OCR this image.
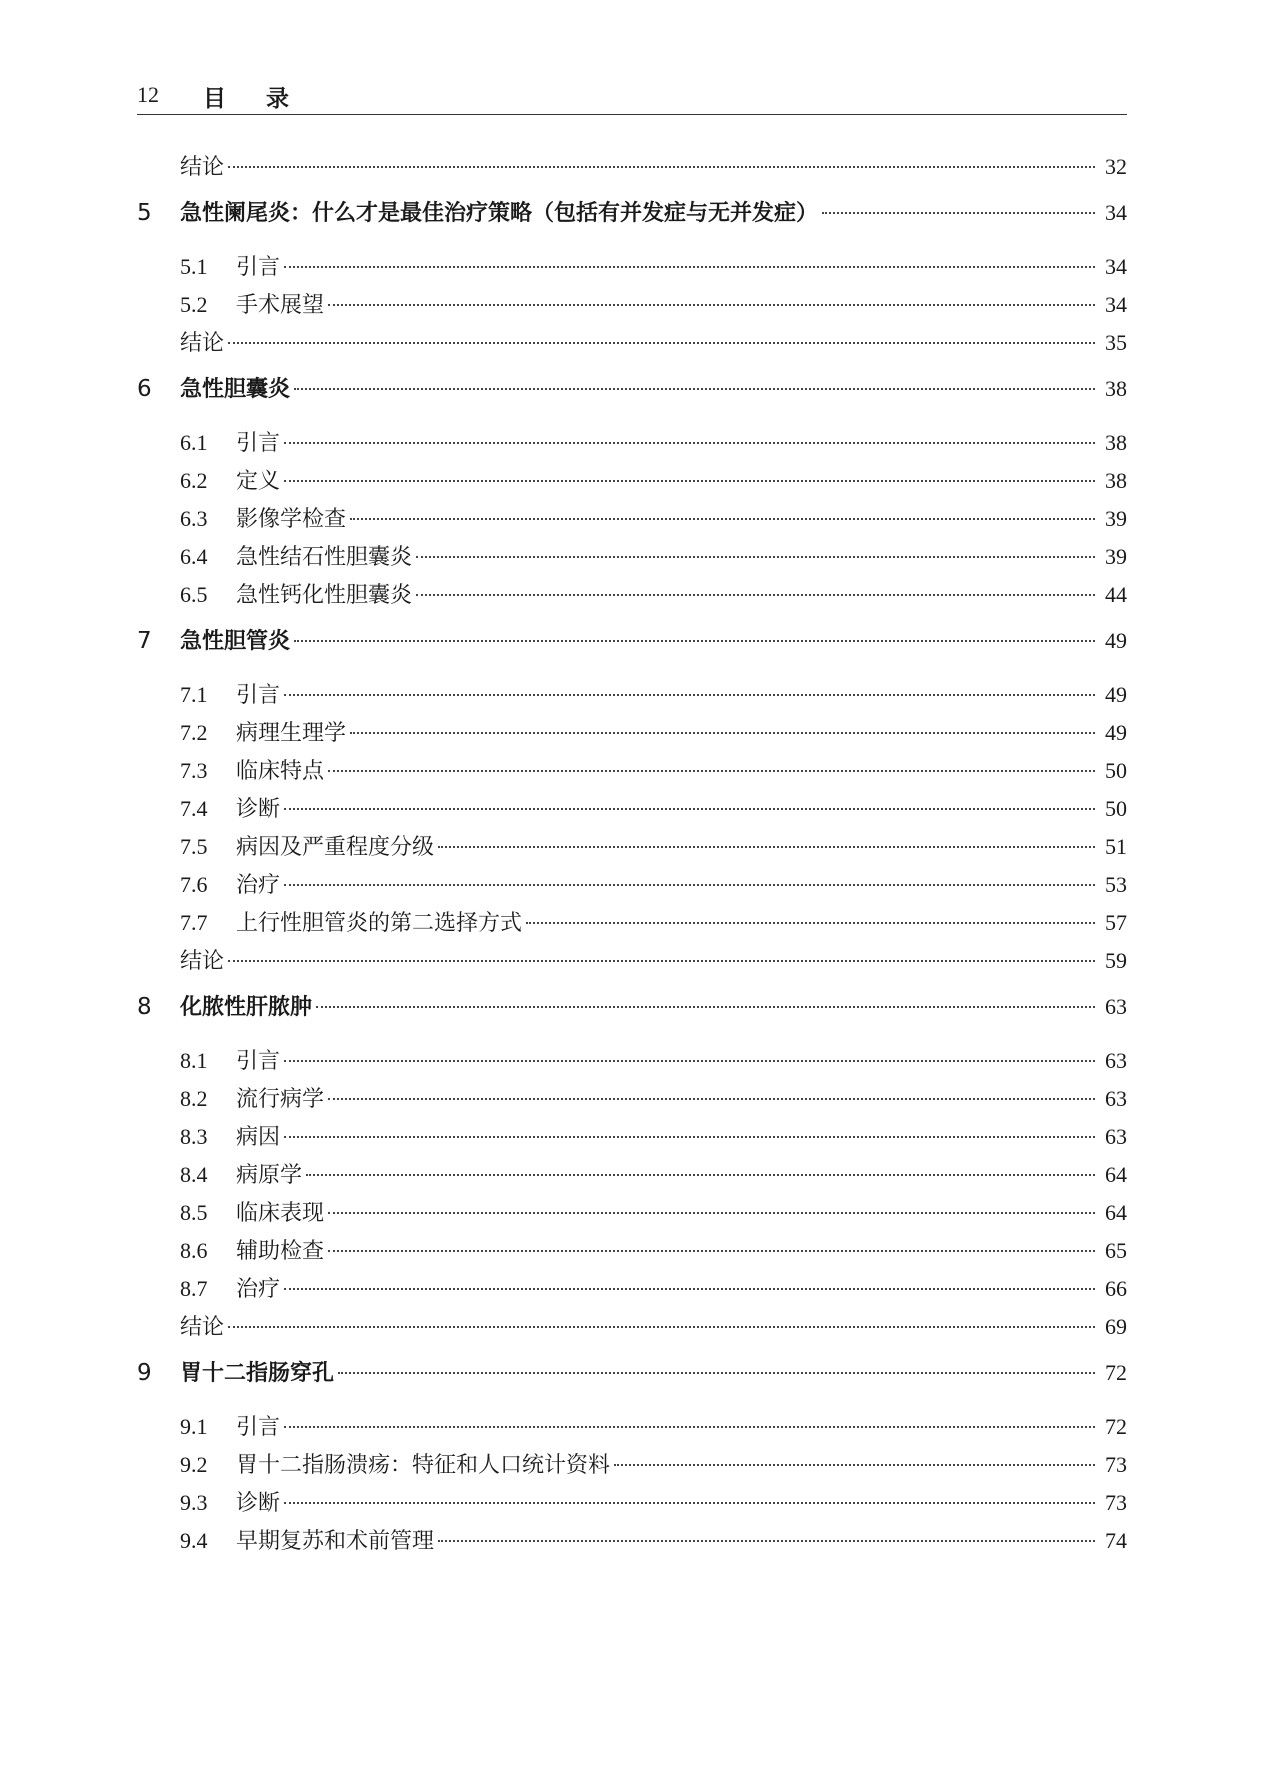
12 目录
结论	32
5	急性阑尾炎：什么才是最佳治疗策略（包括有并发症与无并发症）	34
5.1	引言	34
5.2	手术展望	34
结论	35
6	急性胆囊炎	38
6.1	引言	38
6.2	定义	38
6.3	影像学检查	39
6.4	急性结石性胆囊炎	39
6.5	急性钙化性胆囊炎	44
7	急性胆管炎	49
7.1	引言	49
7.2	病理生理学	49
7.3	临床特点	50
7.4	诊断	50
7.5	病因及严重程度分级	51
7.6	治疗	53
7.7	上行性胆管炎的第二选择方式	57
结论	59
8	化脓性肝脓肿	63
8.1	引言	63
8.2	流行病学	63
8.3	病因	63
8.4	病原学	64
8.5	临床表现	64
8.6	辅助检查	65
8.7	治疗	66
结论	69
9	胃十二指肠穿孔	72
9.1	引言	72
9.2	胃十二指肠溃疡：特征和人口统计资料	73
9.3	诊断	73
9.4	早期复苏和术前管理	74
